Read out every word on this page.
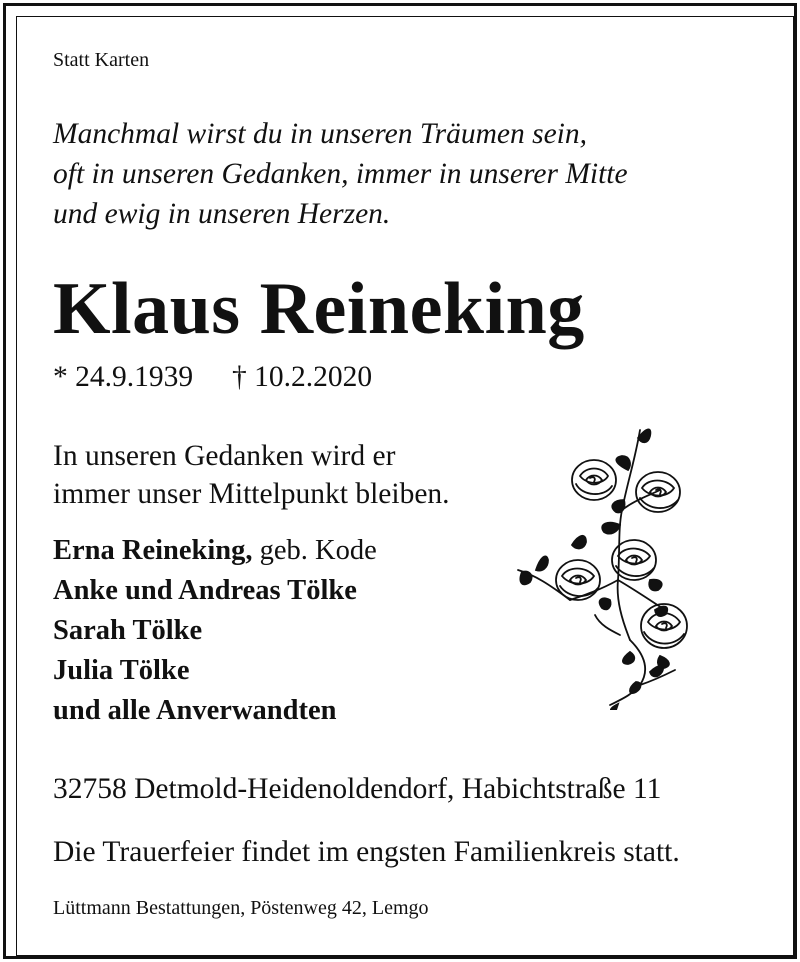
Statt Karten
Manchmal wirst du in unseren Träumen sein,
oft in unseren Gedanken, immer in unserer Mitte
und ewig in unseren Herzen.
Klaus Reineking
* 24.9.1939 † 10.2.2020
In unseren Gedanken wird er
immer unser Mittelpunkt bleiben.
Erna Reineking, geb. Kode
Anke und Andreas Tölke
Sarah Tölke
Julia Tölke
und alle Anverwandten
32758 Detmold-Heidenoldendorf, Habichtstraße 11
Die Trauerfeier findet im engsten Familienkreis statt.
Lüttmann Bestattungen, Pöstenweg 42, Lemgo
